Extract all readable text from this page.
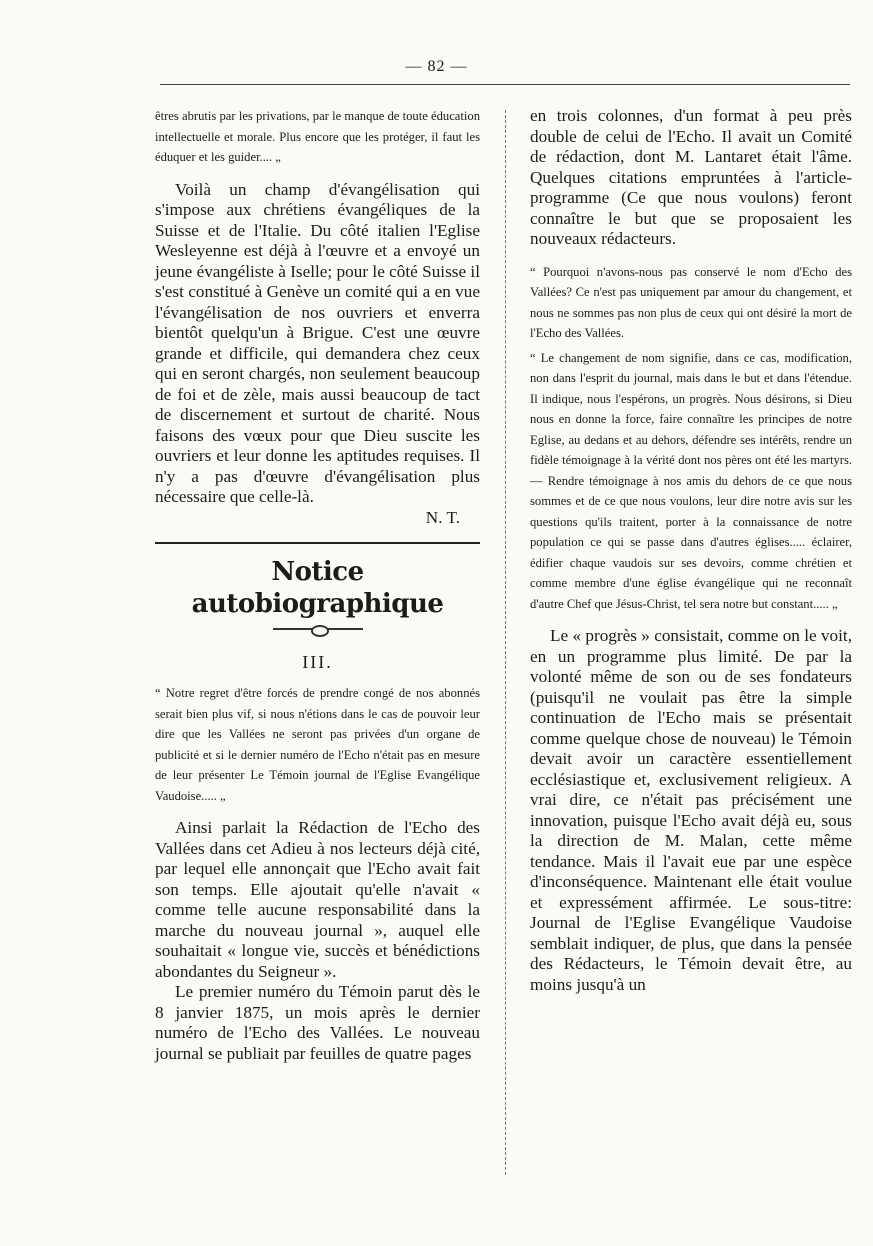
— 82 —

êtres abrutis par les privations, par le manque de toute éducation intellectuelle et morale. Plus encore que les protéger, il faut les éduquer et les guider.... „

Voilà un champ d'évangélisation qui s'impose aux chrétiens évangéliques de la Suisse et de l'Italie. Du côté italien l'Eglise Wesleyenne est déjà à l'œuvre et a envoyé un jeune évangéliste à Iselle; pour le côté Suisse il s'est constitué à Genève un comité qui a en vue l'évangélisation de nos ouvriers et enverra bientôt quelqu'un à Brigue. C'est une œuvre grande et difficile, qui demandera chez ceux qui en seront chargés, non seulement beaucoup de foi et de zèle, mais aussi beaucoup de tact de discernement et surtout de charité. Nous faisons des vœux pour que Dieu suscite les ouvriers et leur donne les aptitudes requises. Il n'y a pas d'œuvre d'évangélisation plus nécessaire que celle-là.

N. T.

Notice autobiographique
III.

“ Notre regret d'être forcés de prendre congé de nos abonnés serait bien plus vif, si nous n'étions dans le cas de pouvoir leur dire que les Vallées ne seront pas privées d'un organe de publicité et si le dernier numéro de l'Echo n'était pas en mesure de leur présenter Le Témoin journal de l'Eglise Evangélique Vaudoise..... „

Ainsi parlait la Rédaction de l'Echo des Vallées dans cet Adieu à nos lecteurs déjà cité, par lequel elle annonçait que l'Echo avait fait son temps. Elle ajoutait qu'elle n'avait « comme telle aucune responsabilité dans la marche du nouveau journal », auquel elle souhaitait « longue vie, succès et bénédictions abondantes du Seigneur ».

Le premier numéro du Témoin parut dès le 8 janvier 1875, un mois après le dernier numéro de l'Echo des Vallées. Le nouveau journal se publiait par feuilles de quatre pages

en trois colonnes, d'un format à peu près double de celui de l'Echo. Il avait un Comité de rédaction, dont M. Lantaret était l'âme. Quelques citations empruntées à l'article-programme (Ce que nous voulons) feront connaître le but que se proposaient les nouveaux rédacteurs.

“ Pourquoi n'avons-nous pas conservé le nom d'Echo des Vallées? Ce n'est pas uniquement par amour du changement, et nous ne sommes pas non plus de ceux qui ont désiré la mort de l'Echo des Vallées.

“ Le changement de nom signifie, dans ce cas, modification, non dans l'esprit du journal, mais dans le but et dans l'étendue. Il indique, nous l'espérons, un progrès. Nous désirons, si Dieu nous en donne la force, faire connaître les principes de notre Eglise, au dedans et au dehors, défendre ses intérêts, rendre un fidèle témoignage à la vérité dont nos pères ont été les martyrs. — Rendre témoignage à nos amis du dehors de ce que nous sommes et de ce que nous voulons, leur dire notre avis sur les questions qu'ils traitent, porter à la connaissance de notre population ce qui se passe dans d'autres églises..... éclairer, édifier chaque vaudois sur ses devoirs, comme chrétien et comme membre d'une église évangélique qui ne reconnaît d'autre Chef que Jésus-Christ, tel sera notre but constant..... „

Le « progrès » consistait, comme on le voit, en un programme plus limité. De par la volonté même de son ou de ses fondateurs (puisqu'il ne voulait pas être la simple continuation de l'Echo mais se présentait comme quelque chose de nouveau) le Témoin devait avoir un caractère essentiellement ecclésiastique et, exclusivement religieux. A vrai dire, ce n'était pas précisément une innovation, puisque l'Echo avait déjà eu, sous la direction de M. Malan, cette même tendance. Mais il l'avait eue par une espèce d'inconséquence. Maintenant elle était voulue et expressément affirmée. Le sous-titre: Journal de l'Eglise Evangélique Vaudoise semblait indiquer, de plus, que dans la pensée des Rédacteurs, le Témoin devait être, au moins jusqu'à un
